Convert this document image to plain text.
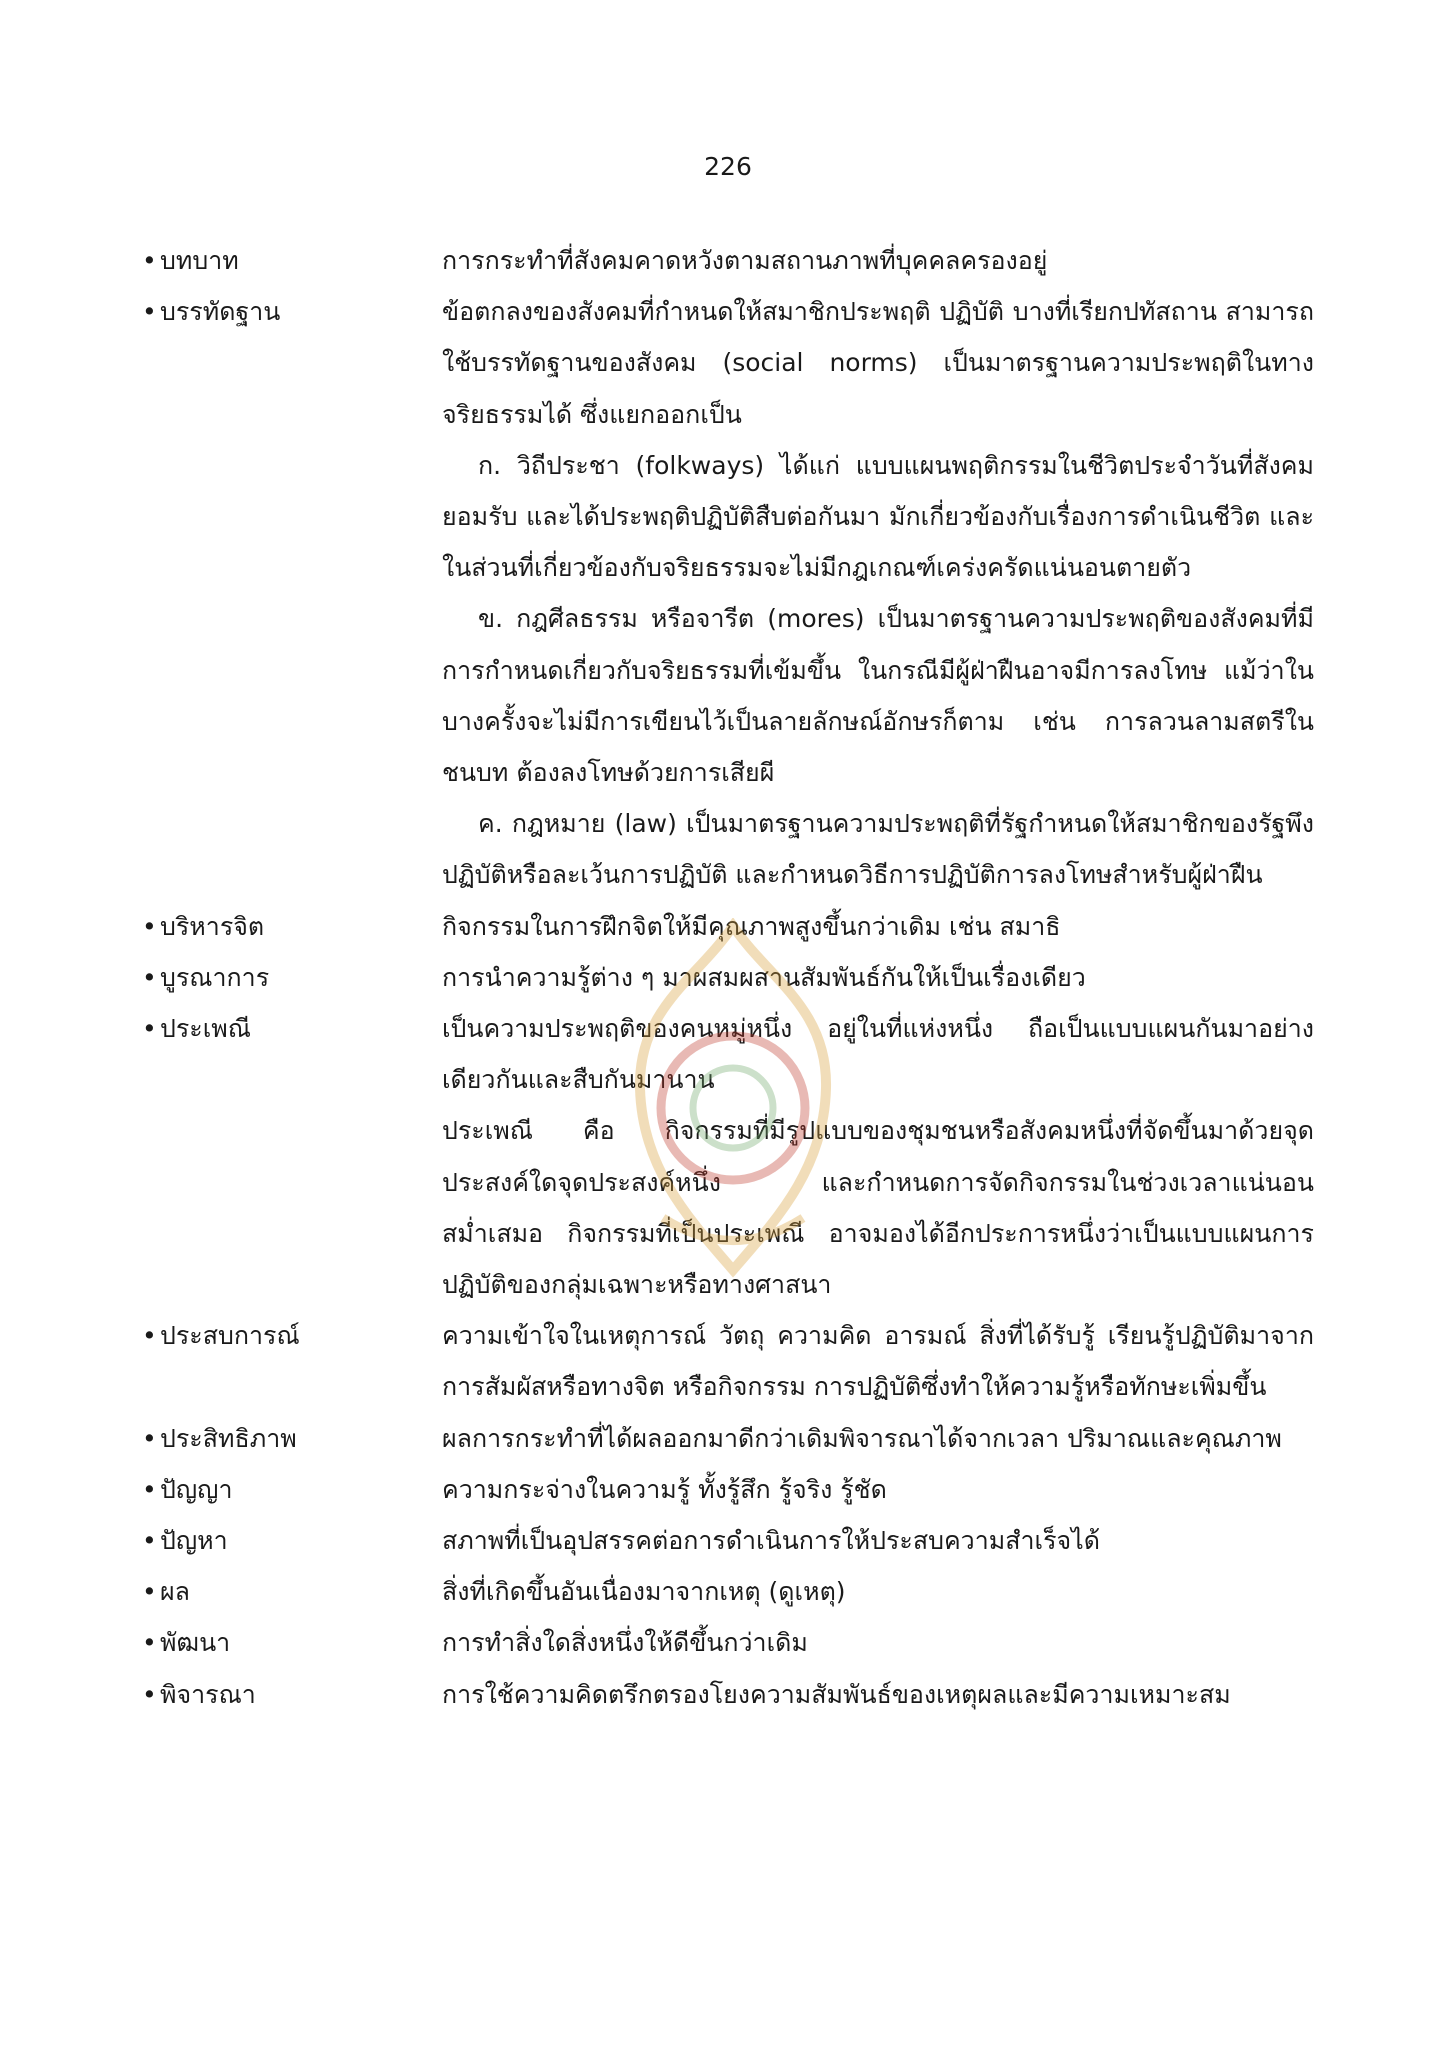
226
• บทบาท	การกระทำที่สังคมคาดหวังตามสถานภาพที่บุคคลครองอยู่
• บรรทัดฐาน	ข้อตกลงของสังคมที่กำหนดให้สมาชิกประพฤติ ปฏิบัติ บางที่เรียกปทัสถาน สามารถใช้บรรทัดฐานของสังคม (social norms) เป็นมาตรฐานความประพฤติในทางจริยธรรมได้ ซึ่งแยกออกเป็น
ก. วิถีประชา (folkways) ได้แก่ แบบแผนพฤติกรรมในชีวิตประจำวันที่สังคมยอมรับ และได้ประพฤติปฏิบัติสืบต่อกันมา มักเกี่ยวข้องกับเรื่องการดำเนินชีวิต และในส่วนที่เกี่ยวข้องกับจริยธรรมจะไม่มีกฎเกณฑ์เคร่งครัดแน่นอนตายตัว
ข. กฎศีลธรรม หรือจารีต (mores) เป็นมาตรฐานความประพฤติของสังคมที่มีการกำหนดเกี่ยวกับจริยธรรมที่เข้มขึ้น ในกรณีมีผู้ฝ่าฝืนอาจมีการลงโทษ แม้ว่าในบางครั้งจะไม่มีการเขียนไว้เป็นลายลักษณ์อักษรก็ตาม เช่น การลวนลามสตรีในชนบท ต้องลงโทษด้วยการเสียผี
ค. กฎหมาย (law) เป็นมาตรฐานความประพฤติที่รัฐกำหนดให้สมาชิกของรัฐพึงปฏิบัติหรือละเว้นการปฏิบัติ และกำหนดวิธีการปฏิบัติการลงโทษสำหรับผู้ฝ่าฝืน
• บริหารจิต	กิจกรรมในการฝึกจิตให้มีคุณภาพสูงขึ้นกว่าเดิม เช่น สมาธิ
• บูรณาการ	การนำความรู้ต่าง ๆ มาผสมผสานสัมพันธ์กันให้เป็นเรื่องเดียว
• ประเพณี	เป็นความประพฤติของคนหมู่หนึ่ง อยู่ในที่แห่งหนึ่ง ถือเป็นแบบแผนกันมาอย่างเดียวกันและสืบกันมานาน
ประเพณี คือ กิจกรรมที่มีรูปแบบของชุมชนหรือสังคมหนึ่งที่จัดขึ้นมาด้วยจุดประสงค์ใดจุดประสงค์หนึ่ง และกำหนดการจัดกิจกรรมในช่วงเวลาแน่นอนสม่ำเสมอ กิจกรรมที่เป็นประเพณี อาจมองได้อีกประการหนึ่งว่าเป็นแบบแผนการปฏิบัติของกลุ่มเฉพาะหรือทางศาสนา
• ประสบการณ์	ความเข้าใจในเหตุการณ์ วัตถุ ความคิด อารมณ์ สิ่งที่ได้รับรู้ เรียนรู้ปฏิบัติมาจากการสัมผัสหรือทางจิต หรือกิจกรรม การปฏิบัติซึ่งทำให้ความรู้หรือทักษะเพิ่มขึ้น
• ประสิทธิภาพ	ผลการกระทำที่ได้ผลออกมาดีกว่าเดิมพิจารณาได้จากเวลา ปริมาณและคุณภาพ
• ปัญญา	ความกระจ่างในความรู้ ทั้งรู้สึก รู้จริง รู้ชัด
• ปัญหา	สภาพที่เป็นอุปสรรคต่อการดำเนินการให้ประสบความสำเร็จได้
• ผล	สิ่งที่เกิดขึ้นอันเนื่องมาจากเหตุ (ดูเหตุ)
• พัฒนา	การทำสิ่งใดสิ่งหนึ่งให้ดีขึ้นกว่าเดิม
• พิจารณา	การใช้ความคิดตรึกตรองโยงความสัมพันธ์ของเหตุผลและมีความเหมาะสม
